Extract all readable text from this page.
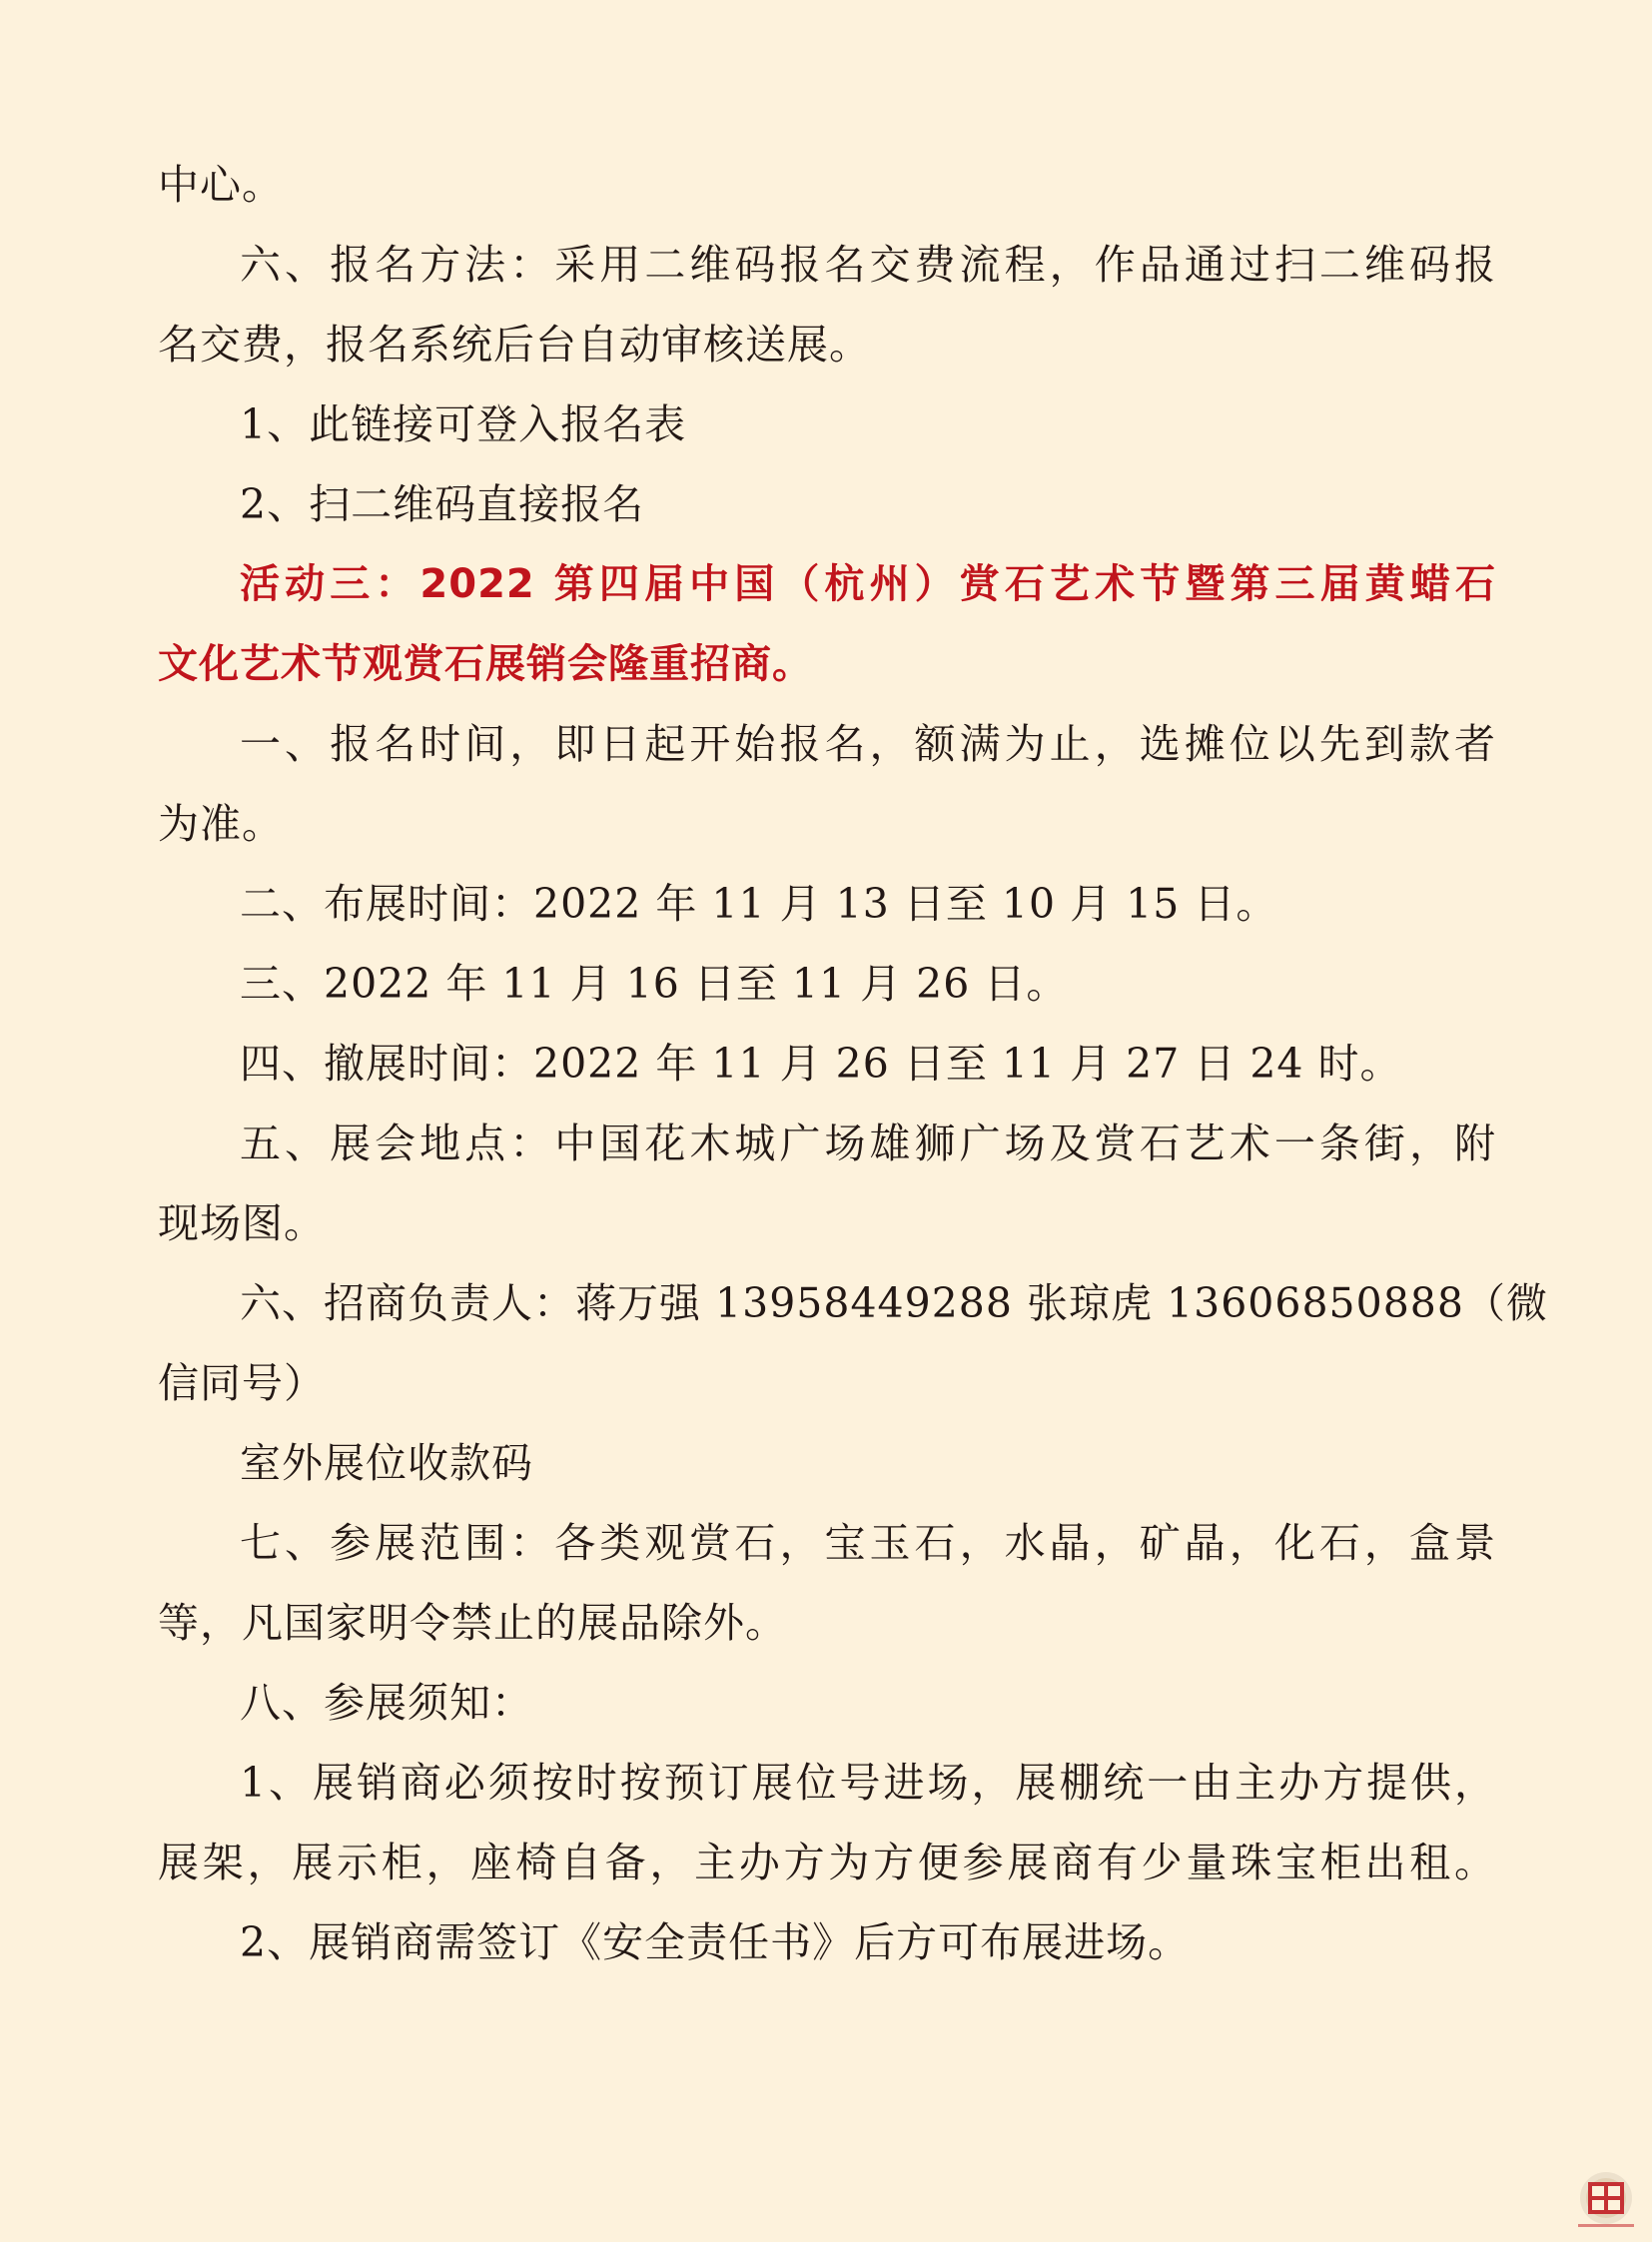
中心。
六、报名方法：采用二维码报名交费流程，作品通过扫二维码报
名交费，报名系统后台自动审核送展。
1、此链接可登入报名表
2、扫二维码直接报名
活动三：2022 第四届中国（杭州）赏石艺术节暨第三届黄蜡石
文化艺术节观赏石展销会隆重招商。
一、报名时间，即日起开始报名，额满为止，选摊位以先到款者
为准。
二、布展时间：2022 年 11 月 13 日至 10 月 15 日。
三、2022 年 11 月 16 日至 11 月 26 日。
四、撤展时间：2022 年 11 月 26 日至 11 月 27 日 24 时。
五、展会地点：中国花木城广场雄狮广场及赏石艺术一条街，附
现场图。
六、招商负责人：蒋万强 13958449288 张琼虎 13606850888（微
信同号）
室外展位收款码
七、参展范围：各类观赏石，宝玉石，水晶，矿晶，化石，盒景
等，凡国家明令禁止的展品除外。
八、参展须知：
1、展销商必须按时按预订展位号进场，展棚统一由主办方提供，
展架，展示柜，座椅自备，主办方为方便参展商有少量珠宝柜出租。
2、展销商需签订《安全责任书》后方可布展进场。
